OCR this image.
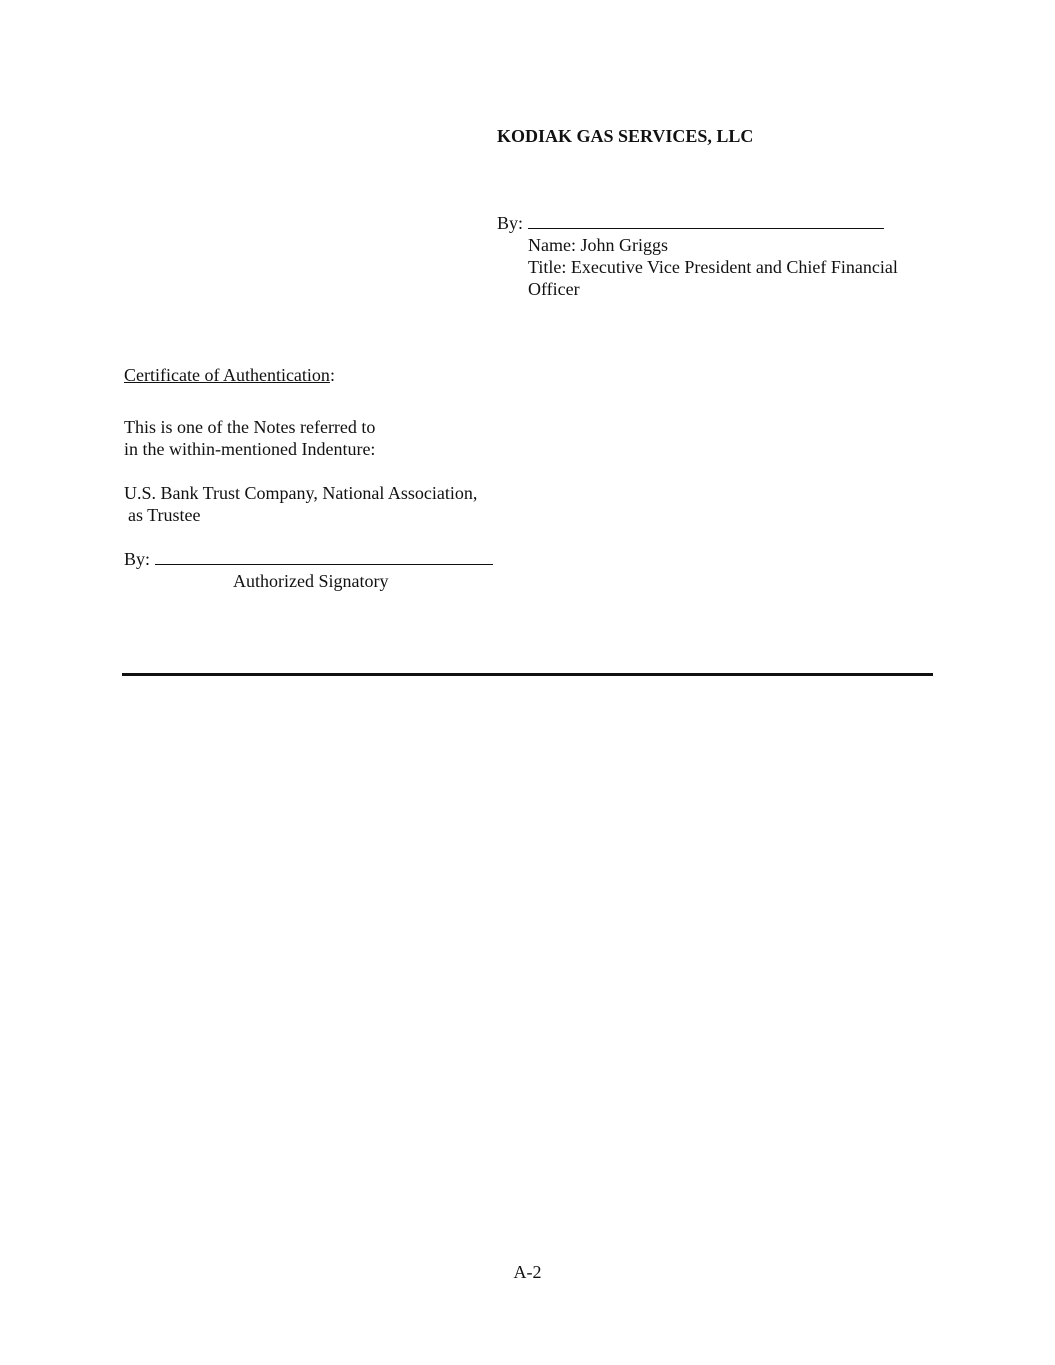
KODIAK GAS SERVICES, LLC
By:
Name: John Griggs
Title: Executive Vice President and Chief Financial
Officer
Certificate of Authentication:
This is one of the Notes referred to
in the within-mentioned Indenture:
U.S. Bank Trust Company, National Association,
as Trustee
By:
Authorized Signatory
A-2
